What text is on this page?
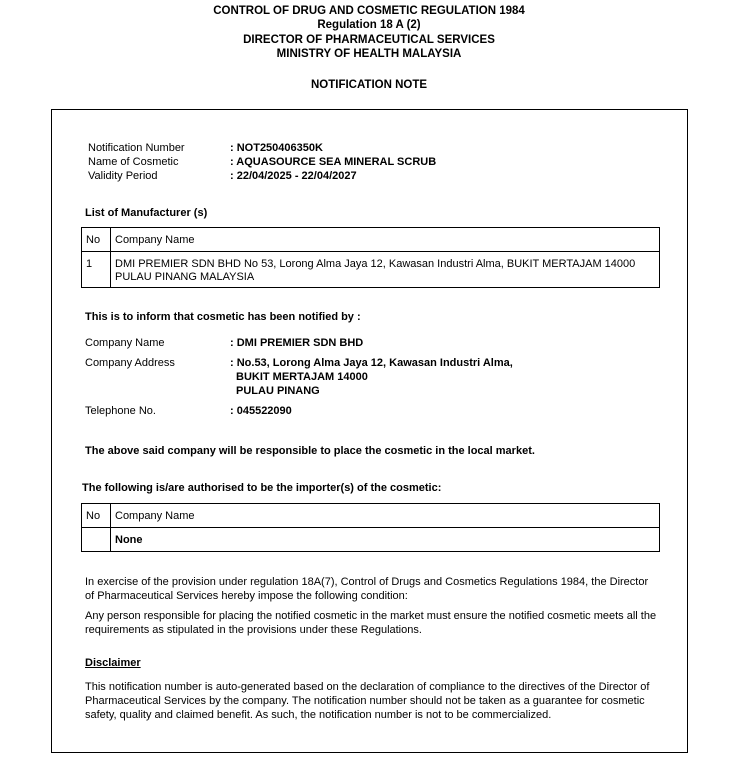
CONTROL OF DRUG AND COSMETIC REGULATION 1984
Regulation 18 A (2)
DIRECTOR OF PHARMACEUTICAL SERVICES
MINISTRY OF HEALTH MALAYSIA
NOTIFICATION NOTE
Notification Number	: NOT250406350K
Name of Cosmetic	: AQUASOURCE SEA MINERAL SCRUB
Validity Period	: 22/04/2025 - 22/04/2027
List of Manufacturer (s)
No	Company Name
1	DMI PREMIER SDN BHD No 53, Lorong Alma Jaya 12, Kawasan Industri Alma, BUKIT MERTAJAM 14000
PULAU PINANG MALAYSIA
This is to inform that cosmetic has been notified by :
Company Name	: DMI PREMIER SDN BHD
Company Address	: No.53, Lorong Alma Jaya 12, Kawasan Industri Alma,
BUKIT MERTAJAM 14000
PULAU PINANG
Telephone No.	: 045522090
The above said company will be responsible to place the cosmetic in the local market.
The following is/are authorised to be the importer(s) of the cosmetic:
No	Company Name
	None
In exercise of the provision under regulation 18A(7), Control of Drugs and Cosmetics Regulations 1984, the Director
of Pharmaceutical Services hereby impose the following condition:
Any person responsible for placing the notified cosmetic in the market must ensure the notified cosmetic meets all the
requirements as stipulated in the provisions under these Regulations.
Disclaimer
This notification number is auto-generated based on the declaration of compliance to the directives of the Director of
Pharmaceutical Services by the company. The notification number should not be taken as a guarantee for cosmetic
safety, quality and claimed benefit. As such, the notification number is not to be commercialized.
